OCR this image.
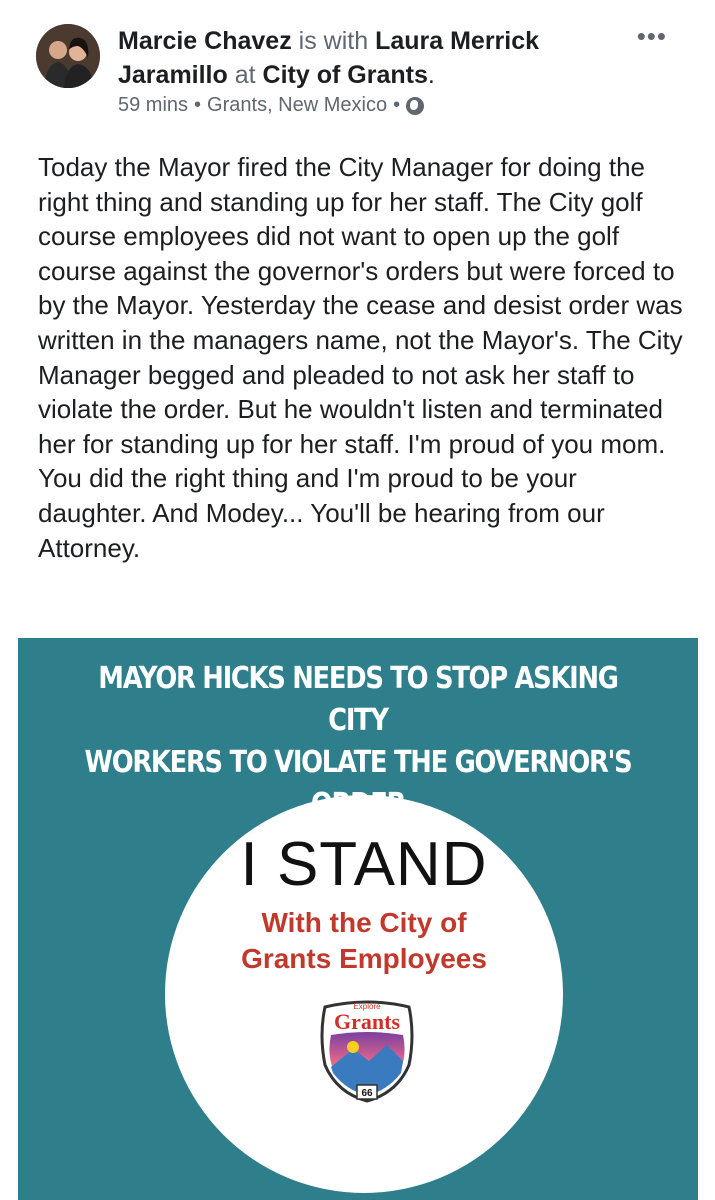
Marcie Chavez is with Laura Merrick Jaramillo at City of Grants.
59 mins • Grants, New Mexico •
•••
Today the Mayor fired the City Manager for doing the right thing and standing up for her staff. The City golf course employees did not want to open up the golf course against the governor's orders but were forced to by the Mayor. Yesterday the cease and desist order was written in the managers name, not the Mayor's. The City Manager begged and pleaded to not ask her staff to violate the order. But he wouldn't listen and terminated her for standing up for her staff. I'm proud of you mom. You did the right thing and I'm proud to be your daughter. And Modey... You'll be hearing from our Attorney.
MAYOR HICKS NEEDS TO STOP ASKING CITY
WORKERS TO VIOLATE THE GOVERNOR'S
I STAND
With the City of
Grants Employees
Explore
Grants
66
